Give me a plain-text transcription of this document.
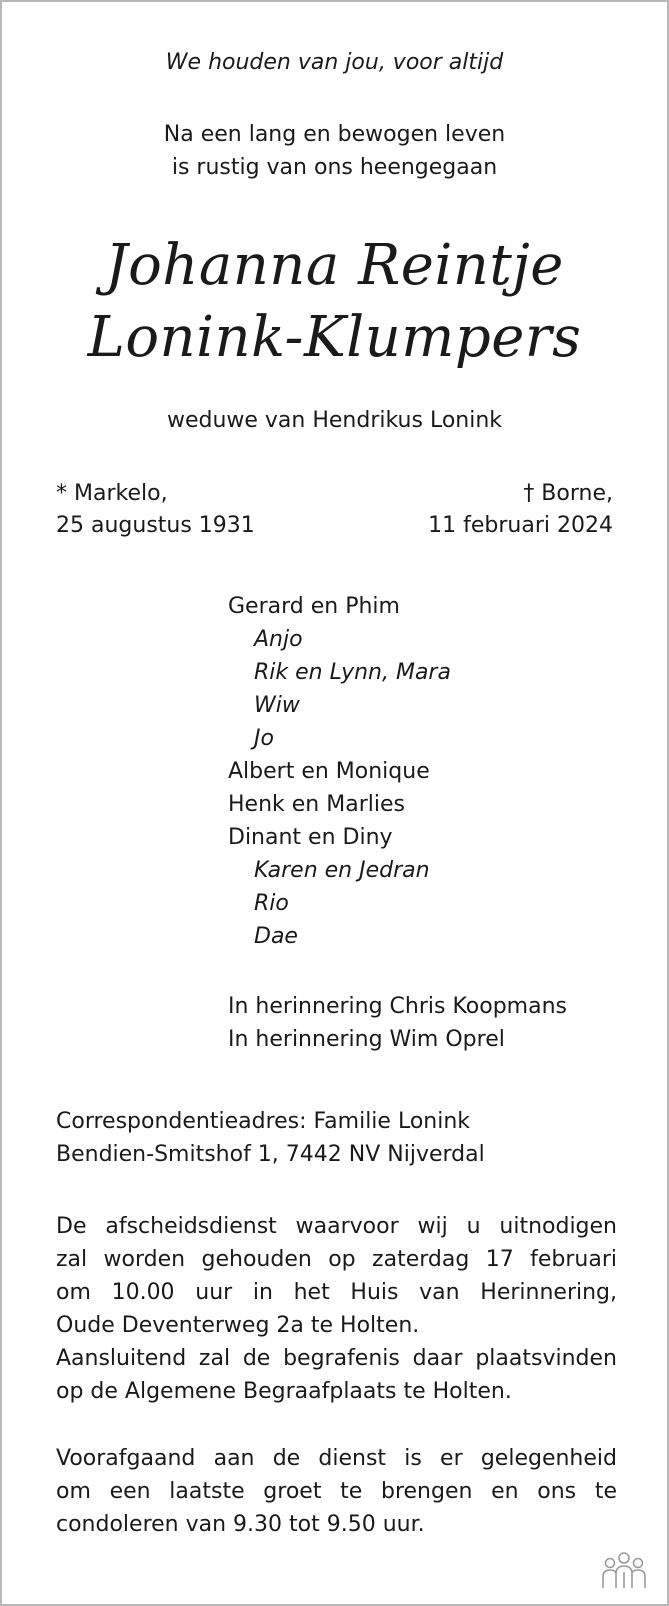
We houden van jou, voor altijd

Na een lang en bewogen leven
is rustig van ons heengegaan

Johanna Reintje
Lonink-Klumpers

weduwe van Hendrikus Lonink

* Markelo,
25 augustus 1931
† Borne,
11 februari 2024
Gerard en Phim
Anjo
Rik en Lynn, Mara
Wiw
Jo
Albert en Monique
Henk en Marlies
Dinant en Diny
Karen en Jedran
Rio
Dae
In herinnering Chris Koopmans
In herinnering Wim Oprel
Correspondentieadres: Familie Lonink
Bendien-Smitshof 1, 7442 NV Nijverdal
De afscheidsdienst waarvoor wij u uitnodigen
zal worden gehouden op zaterdag 17 februari
om 10.00 uur in het Huis van Herinnering,
Oude Deventerweg 2a te Holten.
Aansluitend zal de begrafenis daar plaatsvinden
op de Algemene Begraafplaats te Holten.
Voorafgaand aan de dienst is er gelegenheid
om een laatste groet te brengen en ons te
condoleren van 9.30 tot 9.50 uur.
